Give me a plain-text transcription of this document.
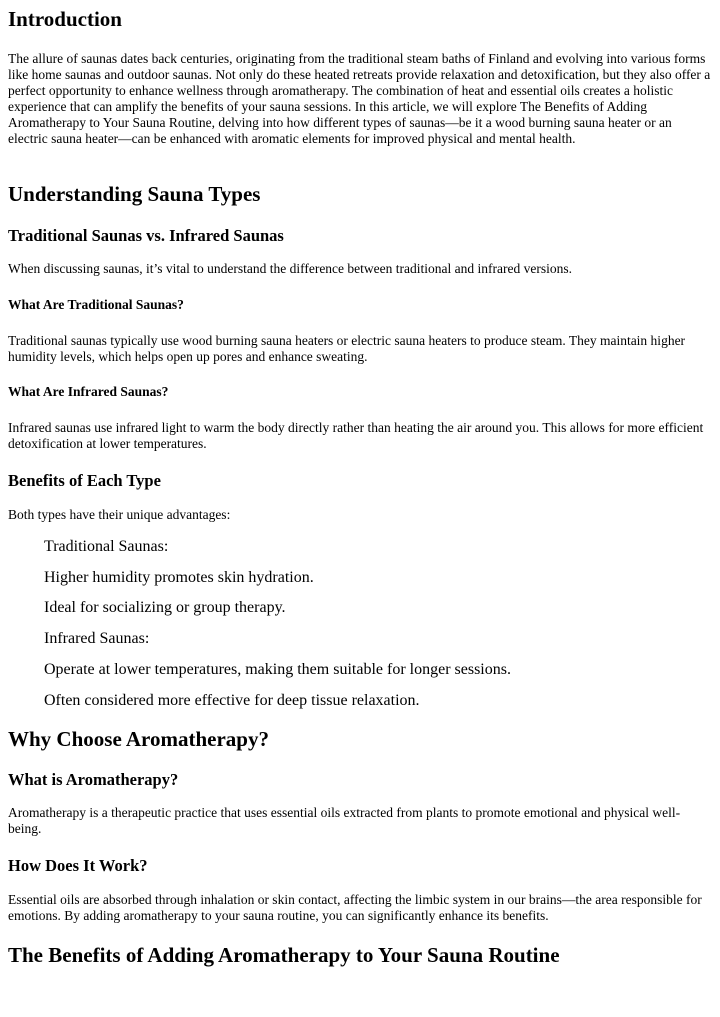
Introduction

The allure of saunas dates back centuries, originating from the traditional steam baths of Finland and evolving into various forms like home saunas and outdoor saunas. Not only do these heated retreats provide relaxation and detoxification, but they also offer a perfect opportunity to enhance wellness through aromatherapy. The combination of heat and essential oils creates a holistic experience that can amplify the benefits of your sauna sessions. In this article, we will explore The Benefits of Adding Aromatherapy to Your Sauna Routine, delving into how different types of saunas—be it a wood burning sauna heater or an electric sauna heater—can be enhanced with aromatic elements for improved physical and mental health.

Understanding Sauna Types
Traditional Saunas vs. Infrared Saunas

When discussing saunas, it’s vital to understand the difference between traditional and infrared versions.

What Are Traditional Saunas?

Traditional saunas typically use wood burning sauna heaters or electric sauna heaters to produce steam. They maintain higher humidity levels, which helps open up pores and enhance sweating.

What Are Infrared Saunas?

Infrared saunas use infrared light to warm the body directly rather than heating the air around you. This allows for more efficient detoxification at lower temperatures.

Benefits of Each Type

Both types have their unique advantages:

Traditional Saunas:
Higher humidity promotes skin hydration.
Ideal for socializing or group therapy.
Infrared Saunas:
Operate at lower temperatures, making them suitable for longer sessions.
Often considered more effective for deep tissue relaxation.
Why Choose Aromatherapy?
What is Aromatherapy?

Aromatherapy is a therapeutic practice that uses essential oils extracted from plants to promote emotional and physical well-being.

How Does It Work?

Essential oils are absorbed through inhalation or skin contact, affecting the limbic system in our brains—the area responsible for emotions. By adding aromatherapy to your sauna routine, you can significantly enhance its benefits.

The Benefits of Adding Aromatherapy to Your Sauna Routine
